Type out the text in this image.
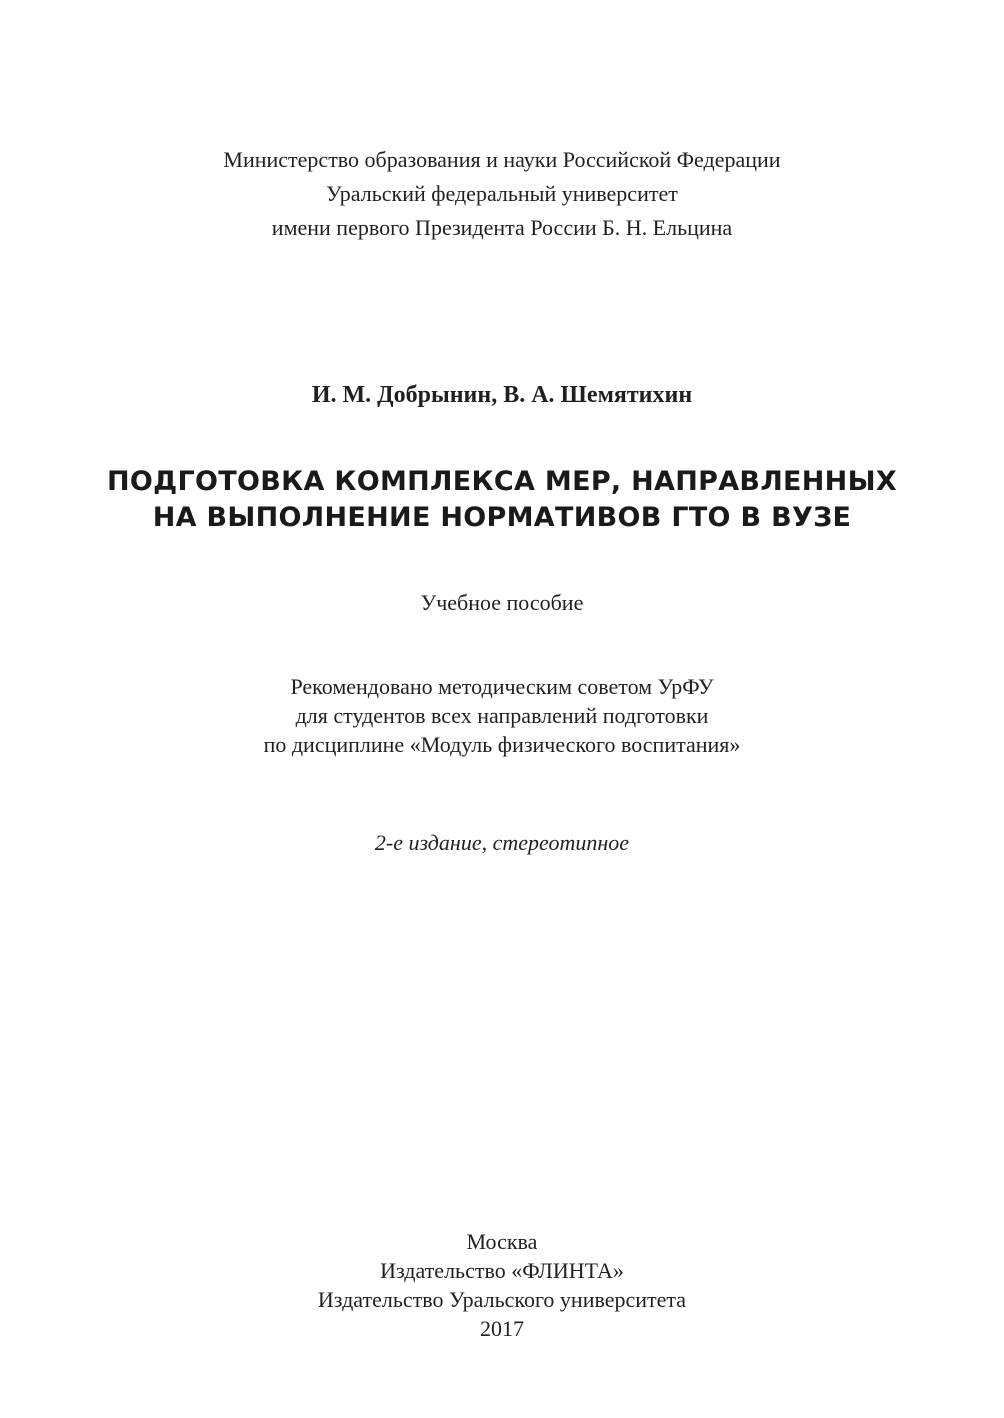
Министерство образования и науки Российской Федерации
Уральский федеральный университет
имени первого Президента России Б. Н. Ельцина
И. М. Добрынин, В. А. Шемятихин
ПОДГОТОВКА КОМПЛЕКСА МЕР, НАПРАВЛЕННЫХ
НА ВЫПОЛНЕНИЕ НОРМАТИВОВ ГТО В ВУЗЕ
Учебное пособие
Рекомендовано методическим советом УрФУ
для студентов всех направлений подготовки
по дисциплине «Модуль физического воспитания»
2-е издание, стереотипное
Москва
Издательство «ФЛИНТА»
Издательство Уральского университета
2017
